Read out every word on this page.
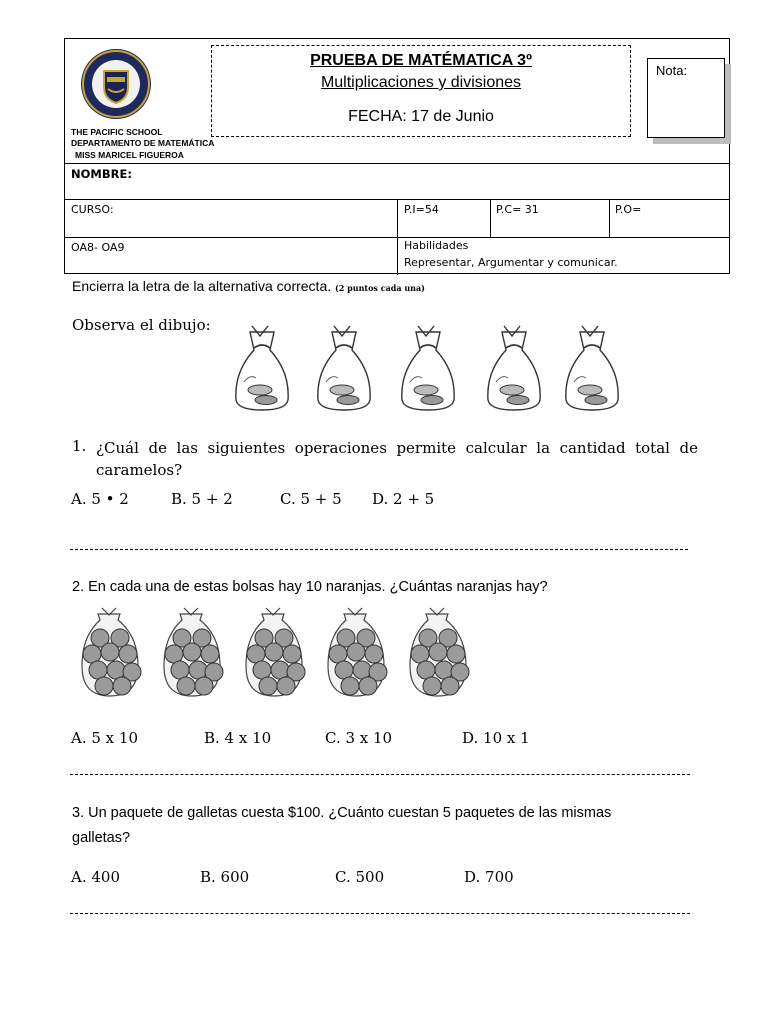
THE PACIFIC SCHOOL
DEPARTAMENTO DE MATEMÁTICA
MISS MARICEL FIGUEROA
PRUEBA DE MATÉMATICA 3º
Multiplicaciones y divisiones
FECHA: 17 de Junio
Nota:
NOMBRE:
CURSO:	P.I=54	P.C= 31	P.O=
OA8- OA9	Habilidades
Representar, Argumentar y comunicar.
Encierra la letra de la alternativa correcta. (2 puntos cada una)
Observa el dibujo:
1. ¿Cuál de las siguientes operaciones permite calcular la cantidad total de caramelos?
A. 5 • 2	B. 5 + 2	C. 5 + 5 D. 2 + 5
2. En cada una de estas bolsas hay 10 naranjas. ¿Cuántas naranjas hay?
A. 5 x 10	B. 4 x 10	C. 3 x 10	D. 10 x 1
3. Un paquete de galletas cuesta $100. ¿Cuánto cuestan 5 paquetes de las mismas
galletas?
A. 400	B. 600	C. 500	D. 700
